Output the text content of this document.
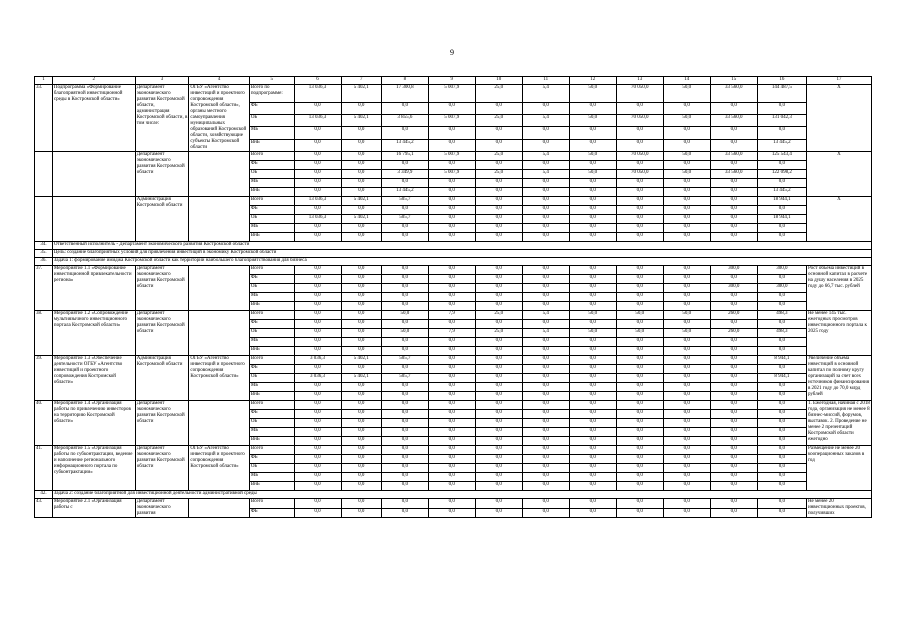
9
1	2	3	4	5	6	7	8	9	10	11	12	13	14	15	16	17
33.	Подпрограмма «Формирование благоприятной инвестиционной среды в Костромской области»	Департамент экономического развития Костромской области, администрация Костромской области, в том числе:	ОГБУ «Агентство инвестиций и проектного сопровождения Костромской области», органы местного самоуправления муниципальных образований Костромской области, хозяйствующие субъекты Костромской области	Всего по подпрограмме:	13 036,3	5 402,1	17 300,8	5 007,9	25,0	5,4	50,0	70 050,0	50,0	33 560,0	144 487,5	X
				ФБ	0,0	0,0	0,0	0,0	0,0	0,0	0,0	0,0	0,0	0,0	0,0	
				ОБ	13 036,3	5 402,1	3 855,6	5 007,9	25,0	5,4	50,0	70 050,0	50,0	33 560,0	131 042,3	
				МБ	0,0	0,0	0,0	0,0	0,0	0,0	0,0	0,0	0,0	0,0	0,0	
				ВнБ	0,0	0,0	13 445,2	0,0	0,0	0,0	0,0	0,0	0,0	0,0	13 445,2	
		Департамент экономического развития Костромской области		Всего	0,0	0,0	16 795,1	5 007,9	25,0	5,4	50,0	70 050,0	50,0	33 560,0	125 543,4	X
				ФБ	0,0	0,0	0,0	0,0	0,0	0,0	0,0	0,0	0,0	0,0	0,0	
				ОБ	0,0	0,0	3 349,9	5 007,9	25,0	5,4	50,0	70 050,0	50,0	33 560,0	122 098,2	
				МБ	0,0	0,0	0,0	0,0	0,0	0,0	0,0	0,0	0,0	0,0	0,0	
				ВнБ	0,0	0,0	13 445,2	0,0	0,0	0,0	0,0	0,0	0,0	0,0	13 445,2	
		Администрация Костромской области		Всего	13 036,3	5 402,1	505,7	0,0	0,0	0,0	0,0	0,0	0,0	0,0	18 944,1	X
				ФБ	0,0	0,0	0,0	0,0	0,0	0,0	0,0	0,0	0,0	0,0	0,0	
				ОБ	13 036,3	5 402,1	505,7	0,0	0,0	0,0	0,0	0,0	0,0	0,0	18 944,1	
				МБ	0,0	0,0	0,0	0,0	0,0	0,0	0,0	0,0	0,0	0,0	0,0	
				ВнБ	0,0	0,0	0,0	0,0	0,0	0,0	0,0	0,0	0,0	0,0	0,0	
34.	Ответственный исполнитель - Департамент экономического развития Костромской области															
35.	Цель: создание благоприятных условий для привлечения инвестиций в экономику Костромской области															
36.	Задача 1: формирование имиджа Костромской области как территории наибольшего благоприятствования для бизнеса															
37.	Мероприятие 1.1 «Формирование инвестиционной привлекательности региона»	Департамент экономического развития Костромской области		Всего	0,0	0,0	0,0	0,0	0,0	0,0	0,0	0,0	0,0	300,0	300,0	Рост объема инвестиций в основной капитал в расчете на душу населения в 2025 году до 66,7 тыс. рублей
				ФБ	0,0	0,0	0,0	0,0	0,0	0,0	0,0	0,0	0,0	0,0	0,0	
				ОБ	0,0	0,0	0,0	0,0	0,0	0,0	0,0	0,0	0,0	300,0	300,0	
				МБ	0,0	0,0	0,0	0,0	0,0	0,0	0,0	0,0	0,0	0,0	0,0	
				ВнБ	0,0	0,0	0,0	0,0	0,0	0,0	0,0	0,0	0,0	0,0	0,0	
38.	Мероприятие 1.2 «Сопровождение мультиязычного инвестиционного портала Костромской области»	Департамент экономического развития Костромской области		Всего	0,0	0,0	50,0	7,9	25,0	5,4	50,0	50,0	50,0	260,0	498,3	Не менее 145 тыс. ежегодных просмотров инвестиционного портала к 2025 году
				ФБ	0,0	0,0	0,0	0,0	0,0	0,0	0,0	0,0	0,0	0,0	0,0	
				ОБ	0,0	0,0	50,0	7,9	25,0	5,4	50,0	50,0	50,0	260,0	498,3	
				МБ	0,0	0,0	0,0	0,0	0,0	0,0	0,0	0,0	0,0	0,0	0,0	
				ВнБ	0,0	0,0	0,0	0,0	0,0	0,0	0,0	0,0	0,0	0,0	0,0	
39.	Мероприятие 1.3 «Обеспечение деятельности ОГБУ «Агентство инвестиций и проектного сопровождения Костромской области»	Администрация Костромской области	ОГБУ «Агентство инвестиций и проектного сопровождения Костромской области»	Всего	3 036,3	5 402,1	505,7	0,0	0,0	0,0	0,0	0,0	0,0	0,0	8 944,1	Увеличение объема инвестиций в основной капитал по полному кругу организаций за счет всех источников финансирования в 2021 году до 70,0 млрд рублей
				ФБ	0,0	0,0	0,0	0,0	0,0	0,0	0,0	0,0	0,0	0,0	0,0	
				ОБ	3 036,3	5 402,1	505,7	0,0	0,0	0,0	0,0	0,0	0,0	0,0	8 944,1	
				МБ	0,0	0,0	0,0	0,0	0,0	0,0	0,0	0,0	0,0	0,0	0,0	
				ВнБ	0,0	0,0	0,0	0,0	0,0	0,0	0,0	0,0	0,0	0,0	0,0	
40.	Мероприятие 1.4 «Организация работы по привлечению инвесторов на территорию Костромской области»	Департамент экономического развития Костромской области		Всего	0,0	0,0	0,0	0,0	0,0	0,0	0,0	0,0	0,0	0,0	0,0	1. Ежегодная, начиная с 2018 года, организация не менее 8 бизнес-миссий, форумов, выставок. 2. Проведение не менее 2 презентаций Костромской области ежегодно
				ФБ	0,0	0,0	0,0	0,0	0,0	0,0	0,0	0,0	0,0	0,0	0,0	
				ОБ	0,0	0,0	0,0	0,0	0,0	0,0	0,0	0,0	0,0	0,0	0,0	
				МБ	0,0	0,0	0,0	0,0	0,0	0,0	0,0	0,0	0,0	0,0	0,0	
				ВнБ	0,0	0,0	0,0	0,0	0,0	0,0	0,0	0,0	0,0	0,0	0,0	
41.	Мероприятие 1.5 «Организация работы по субконтрактации, ведение и наполнение регионального информационного портала по субконтрактации»	Департамент экономического развития Костромской области	ОГБУ «Агентство инвестиций и проектного сопровождения Костромской области»	Всего	0,0	0,0	0,0	0,0	0,0	0,0	0,0	0,0	0,0	0,0	0,0	Размещение не менее 20 кооперационных заказов в год
				ФБ	0,0	0,0	0,0	0,0	0,0	0,0	0,0	0,0	0,0	0,0	0,0	
				ОБ	0,0	0,0	0,0	0,0	0,0	0,0	0,0	0,0	0,0	0,0	0,0	
				МБ	0,0	0,0	0,0	0,0	0,0	0,0	0,0	0,0	0,0	0,0	0,0	
				ВнБ	0,0	0,0	0,0	0,0	0,0	0,0	0,0	0,0	0,0	0,0	0,0	
42.	Задача 2: создание благоприятной для инвестиционной деятельности административной среды															
43.	Мероприятие 2.1 «Организация работы с	Департамент экономического развития		Всего	0,0	0,0	0,0	0,0	0,0	0,0	0,0	0,0	0,0	0,0	0,0	Не менее 20 инвестиционных проектов, получивших
				ФБ	0,0	0,0	0,0	0,0	0,0	0,0	0,0	0,0	0,0	0,0	0,0	
